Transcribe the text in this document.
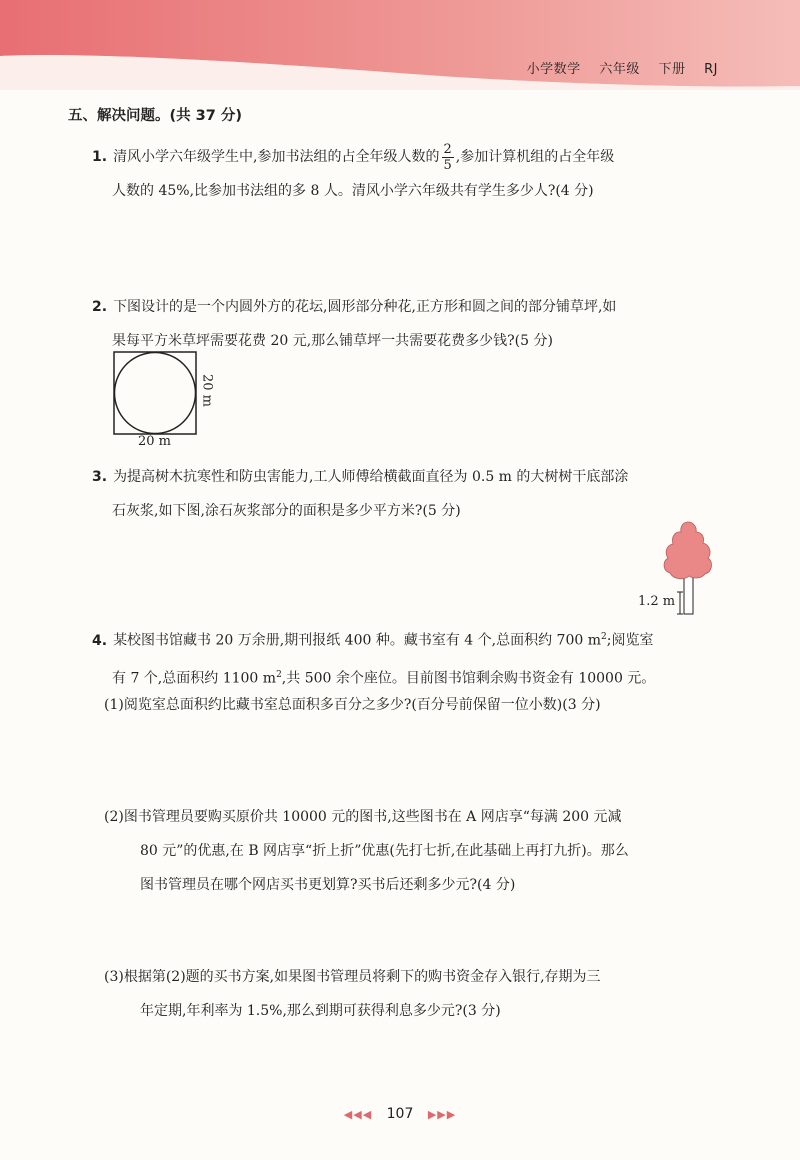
小学数学 六年级 下册 RJ
五、解决问题。(共 37 分)
1. 清风小学六年级学生中,参加书法组的占全年级人数的 $\frac{2}{5}$ ,参加计算机组的占全年级
人数的 45%,比参加书法组的多 8 人。清风小学六年级共有学生多少人?(4 分)
2. 下图设计的是一个内圆外方的花坛,圆形部分种花,正方形和圆之间的部分铺草坪,如
果每平方米草坪需要花费 20 元,那么铺草坪一共需要花费多少钱?(5 分)
20 m
20 m
3. 为提高树木抗寒性和防虫害能力,工人师傅给横截面直径为 0.5 m 的大树树干底部涂
石灰浆,如下图,涂石灰浆部分的面积是多少平方米?(5 分)
1.2 m
4. 某校图书馆藏书 20 万余册,期刊报纸 400 种。藏书室有 4 个,总面积约 700 $m^2$;阅览室
有 7 个,总面积约 1100 $m^2$,共 500 余个座位。目前图书馆剩余购书资金有 10000 元。
(1)阅览室总面积约比藏书室总面积多百分之多少?(百分号前保留一位小数)(3 分)
(2)图书管理员要购买原价共 10000 元的图书,这些图书在 A 网店享“每满 200 元减
80 元”的优惠,在 B 网店享“折上折”优惠(先打七折,在此基础上再打九折)。那么
图书管理员在哪个网店买书更划算?买书后还剩多少元?(4 分)
(3)根据第(2)题的买书方案,如果图书管理员将剩下的购书资金存入银行,存期为三
年定期,年利率为 1.5%,那么到期可获得利息多少元?(3 分)
◀◀◀ 107 ▶▶▶
